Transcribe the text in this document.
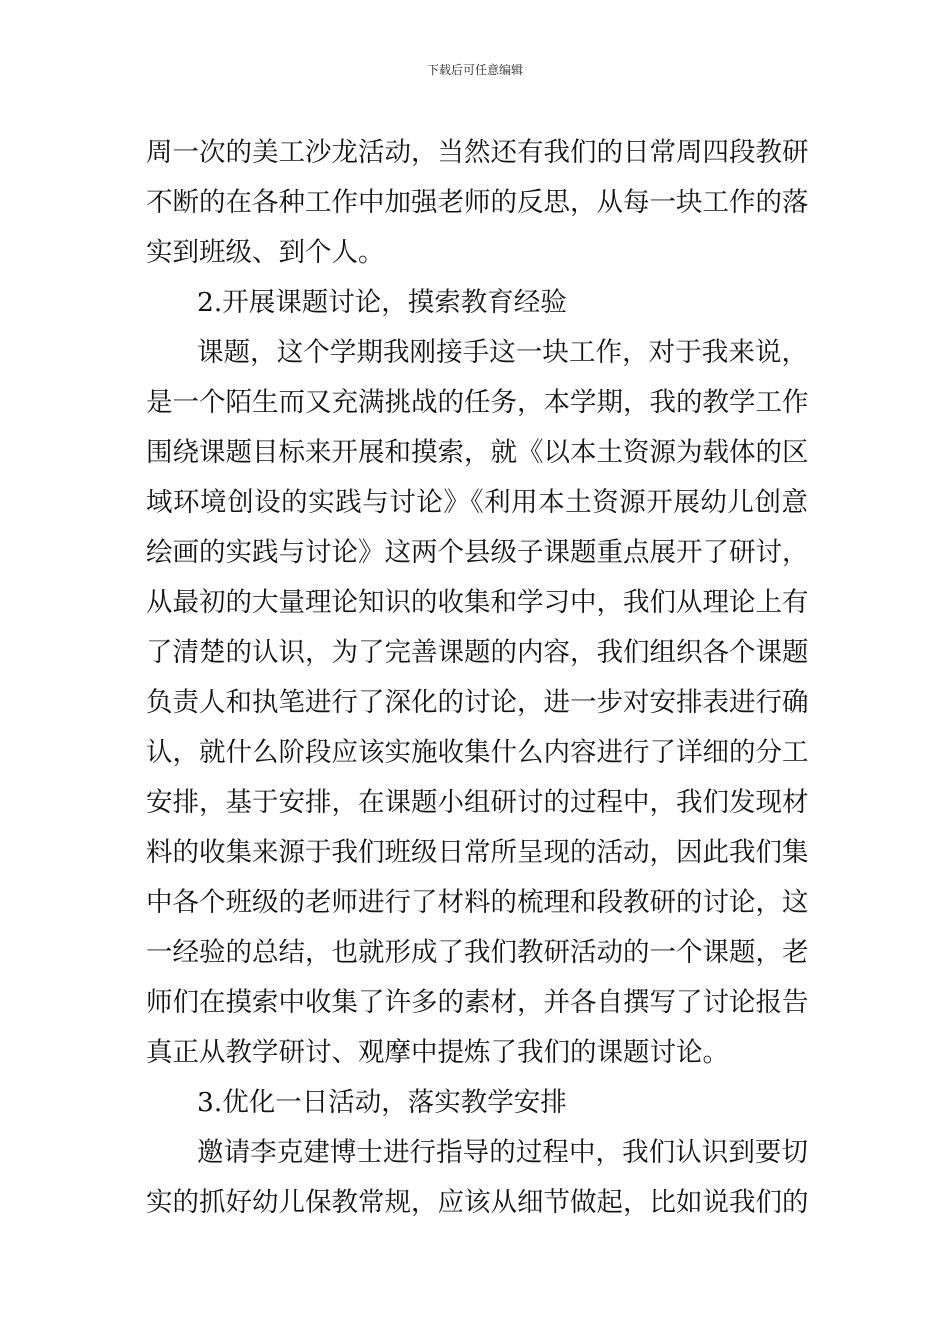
下载后可任意编辑
周一次的美工沙龙活动，当然还有我们的日常周四段教研
不断的在各种工作中加强老师的反思，从每一块工作的落
实到班级、到个人。
2.开展课题讨论，摸索教育经验
课题，这个学期我刚接手这一块工作，对于我来说，
是一个陌生而又充满挑战的任务，本学期，我的教学工作
围绕课题目标来开展和摸索，就《以本土资源为载体的区
域环境创设的实践与讨论》《利用本土资源开展幼儿创意
绘画的实践与讨论》这两个县级子课题重点展开了研讨，
从最初的大量理论知识的收集和学习中，我们从理论上有
了清楚的认识，为了完善课题的内容，我们组织各个课题
负责人和执笔进行了深化的讨论，进一步对安排表进行确
认，就什么阶段应该实施收集什么内容进行了详细的分工
安排，基于安排，在课题小组研讨的过程中，我们发现材
料的收集来源于我们班级日常所呈现的活动，因此我们集
中各个班级的老师进行了材料的梳理和段教研的讨论，这
一经验的总结，也就形成了我们教研活动的一个课题，老
师们在摸索中收集了许多的素材，并各自撰写了讨论报告
真正从教学研讨、观摩中提炼了我们的课题讨论。
3.优化一日活动，落实教学安排
邀请李克建博士进行指导的过程中，我们认识到要切
实的抓好幼儿保教常规，应该从细节做起，比如说我们的
